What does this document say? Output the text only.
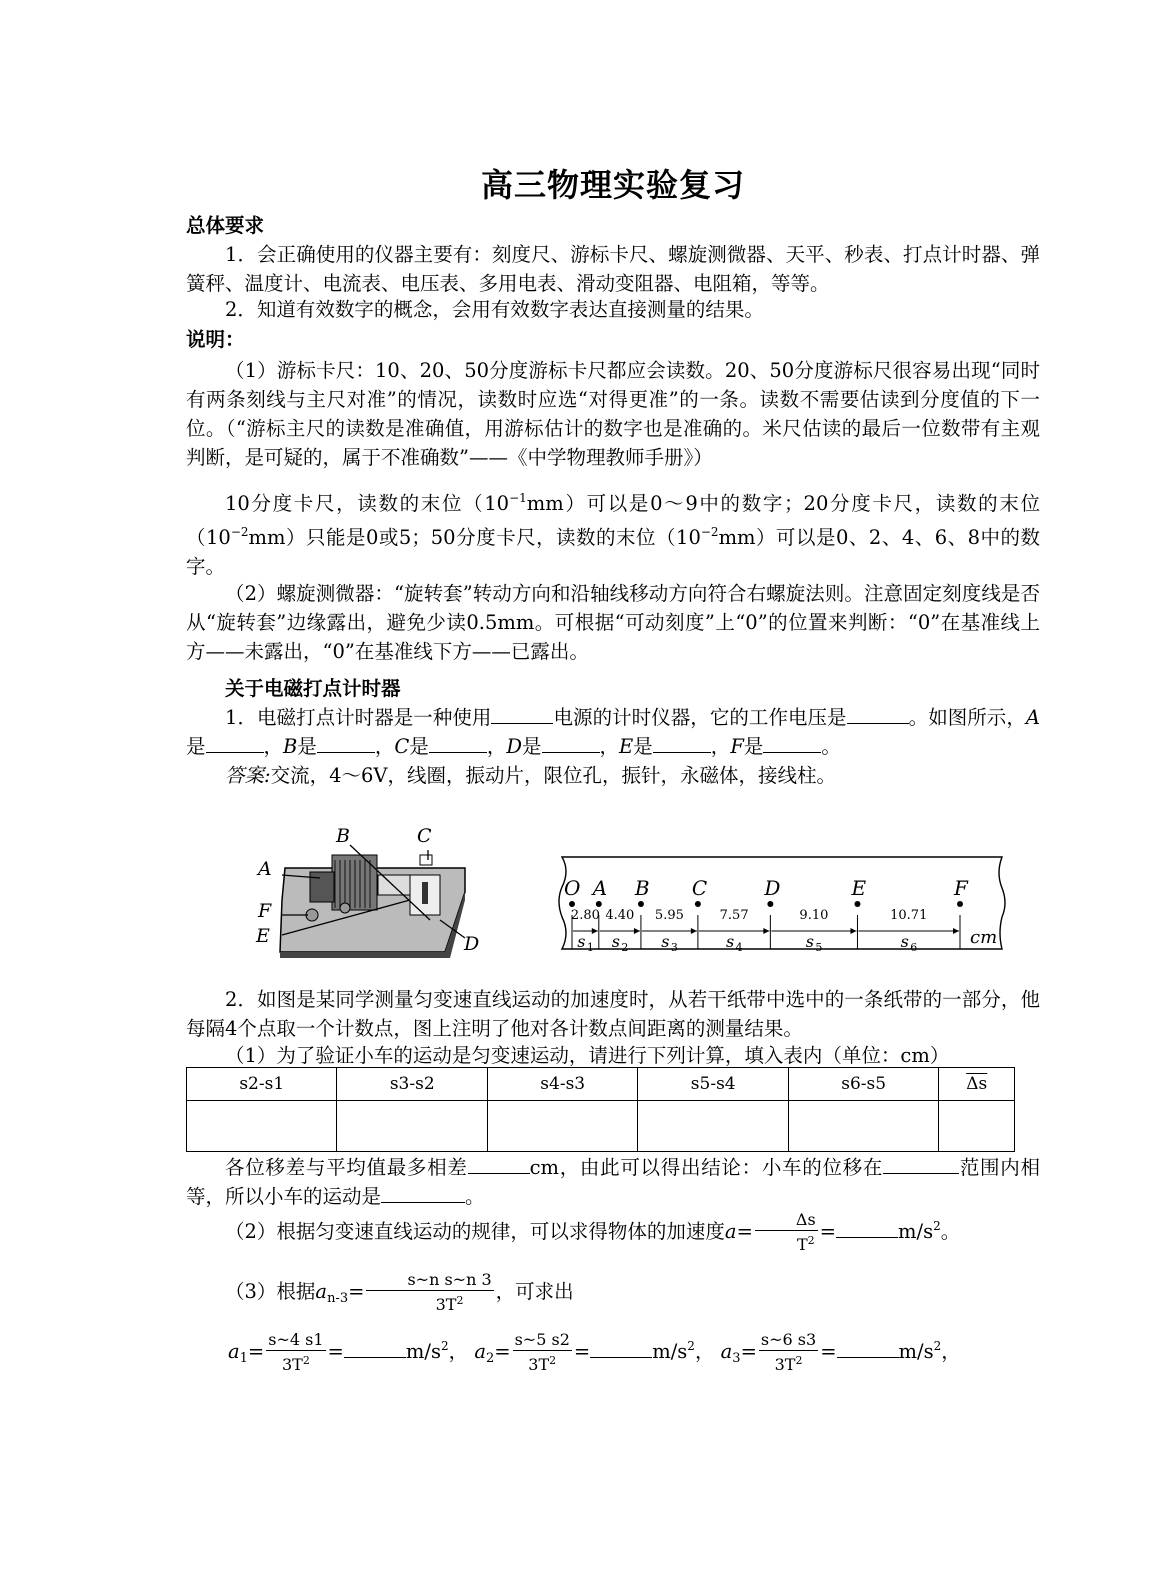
高三物理实验复习
总体要求
1．会正确使用的仪器主要有：刻度尺、游标卡尺、螺旋测微器、天平、秒表、打点计时器、弹簧秤、温度计、电流表、电压表、多用电表、滑动变阻器、电阻箱，等等。
2．知道有效数字的概念，会用有效数字表达直接测量的结果。
说明：
（1）游标卡尺：10、20、50分度游标卡尺都应会读数。20、50分度游标尺很容易出现“同时有两条刻线与主尺对准”的情况，读数时应选“对得更准”的一条。读数不需要估读到分度值的下一位。（“游标主尺的读数是准确值，用游标估计的数字也是准确的。米尺估读的最后一位数带有主观判断，是可疑的，属于不准确数”——《中学物理教师手册》）
10分度卡尺，读数的末位$(10^{-1}mm)$可以是0～9中的数字；20分度卡尺，读数的末位$(10^{-2}mm)$只能是0或5；50分度卡尺，读数的末位$(10^{-2}mm)$可以是0、2、4、6、8中的数字。
（2）螺旋测微器：“旋转套”转动方向和沿轴线移动方向符合右螺旋法则。注意固定刻度线是否从“旋转套”边缘露出，避免少读0.5mm。可根据“可动刻度”上“0”的位置来判断：“0”在基准线上方——未露出，“0”在基准线下方——已露出。
关于电磁打点计时器
1．电磁打点计时器是一种使用	电源的计时仪器，它的工作电压是	。如图所示，A是	，B是	，C是	，D是	，E是	，F是	。
答案:交流，4～6V，线圈，振动片，限位孔，振针，永磁体，接线柱。
A
B	C
D
E
F
O A B C	D	E	F
2.80
s 1
4.40
s 2
5.95
s 3
7.57
s 4
9.10
s 5
10.71
s 6	cm
2．如图是某同学测量匀变速直线运动的加速度时，从若干纸带中选中的一条纸带的一部分，他每隔4个点取一个计数点，图上注明了他对各计数点间距离的测量结果。
（1）为了验证小车的运动是匀变速运动，请进行下列计算，填入表内（单位：cm）
s2-s1	s3-s2	s4-s3	s5-s4	s6-s5	$\overline{\Delta s}$

各位移差与平均值最多相差	cm，由此可以得出结论：小车的位移在	范围内相等，所以小车的运动是	。
（2）根据匀变速直线运动的规律，可以求得物体的加速度$a= \frac{\Delta s}{T^2}$ =	$m/s^2$。
（3）根据$a_{n-3}= \frac{\text{s\textasciitilde{}n s\textasciitilde{}n 3}}{3T^2}$ ，可求出
$a_1= \frac{s\sim 4 s1}{3T^2}$ =	$m/s^2$， $a_2= \frac{s\sim 5 s2}{3T^2}$ =	$m/s^2$， $a_3= \frac{s\sim 6 s3}{3T^2}$ =	$m/s^2$，
